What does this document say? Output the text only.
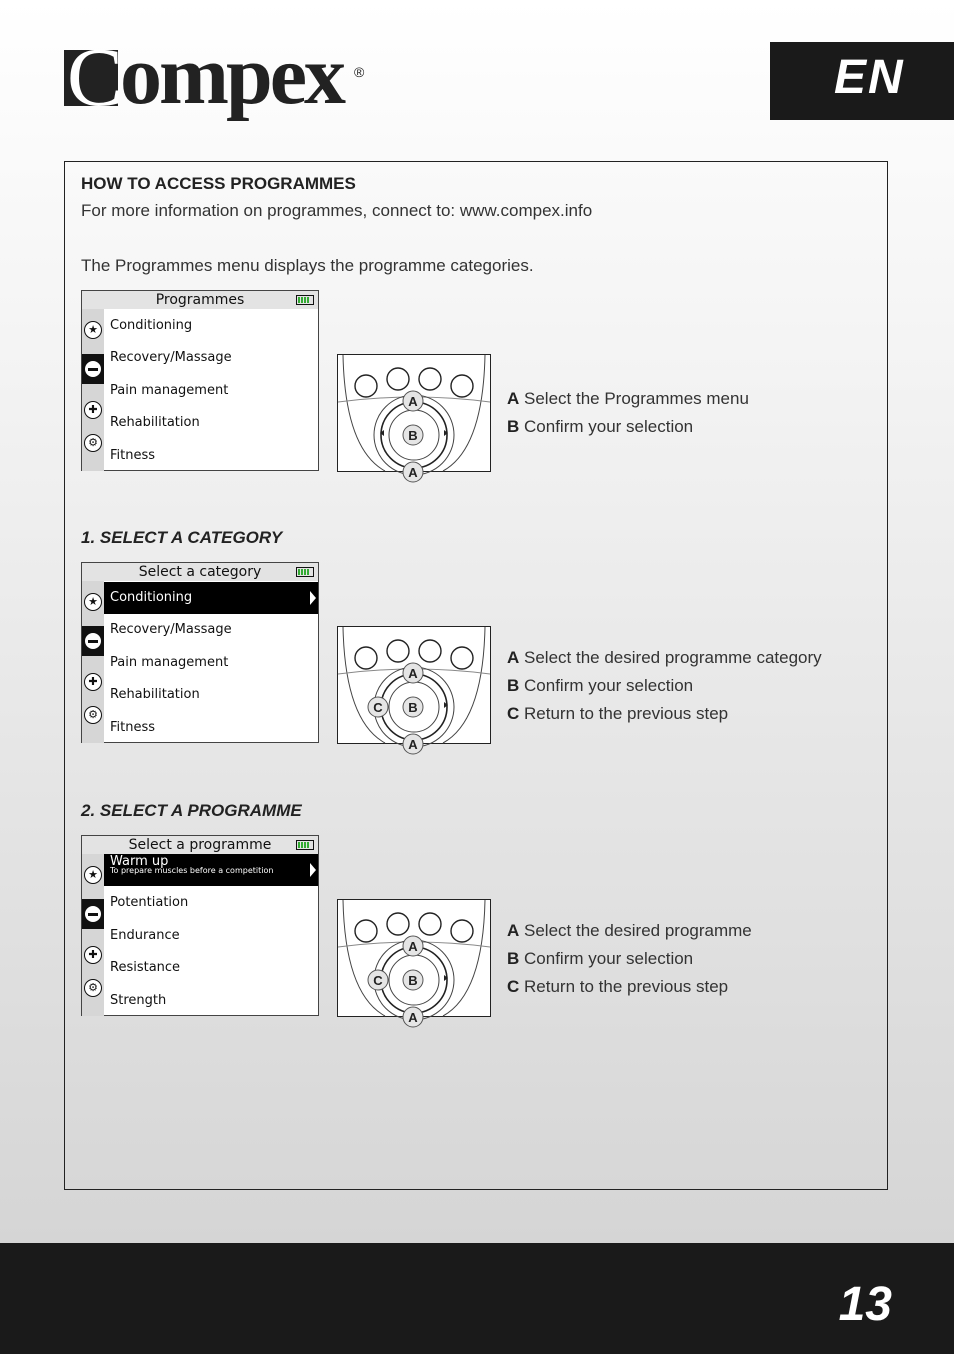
C
ompex ®	EN
HOW TO ACCESS PROGRAMMES
For more information on programmes, connect to: www.compex.info
The Programmes menu displays the programme categories.
Programmes
★
▬
✚
⚙
Conditioning
Recovery/Massage
Pain management
Rehabilitation
Fitness
A
B
A
A Select the Programmes menu
B Confirm your selection
1. SELECT A CATEGORY
Select a category
★
▬
✚
⚙
Conditioning
Recovery/Massage
Pain management
Rehabilitation
Fitness
A
C B
A
A Select the desired programme category
B Confirm your selection
C Return to the previous step
2. SELECT A PROGRAMME
Select a programme
★
▬
✚
⚙
Warm up
To prepare muscles before a competition
Potentiation
Endurance
Resistance
Strength
A
C B
A
A Select the desired programme
B Confirm your selection
C Return to the previous step
13
